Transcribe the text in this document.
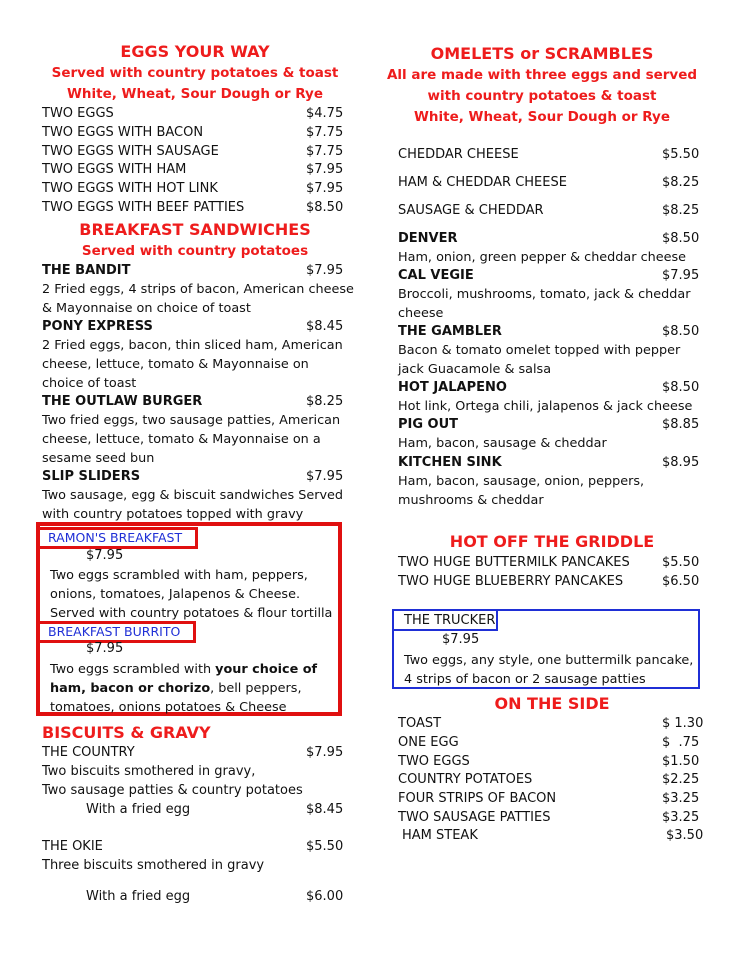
EGGS YOUR WAY
Served with country potatoes & toast
White, Wheat, Sour Dough or Rye
TWO EGGS	$4.75
TWO EGGS WITH BACON	$7.75
TWO EGGS WITH SAUSAGE	$7.75
TWO EGGS WITH HAM	$7.95
TWO EGGS WITH HOT LINK	$7.95
TWO EGGS WITH BEEF PATTIES	$8.50
BREAKFAST SANDWICHES
Served with country potatoes
THE BANDIT	$7.95
2 Fried eggs, 4 strips of bacon, American cheese & Mayonnaise on choice of toast
PONY EXPRESS	$8.45
2 Fried eggs, bacon, thin sliced ham, American cheese, lettuce, tomato & Mayonnaise on choice of toast
THE OUTLAW BURGER	$8.25
Two fried eggs, two sausage patties, American cheese, lettuce, tomato & Mayonnaise on a sesame seed bun
SLIP SLIDERS	$7.95
Two sausage, egg & biscuit sandwiches Served with country potatoes topped with gravy
RAMON'S BREAKFAST
$7.95
Two eggs scrambled with ham, peppers, onions, tomatoes, Jalapenos & Cheese. Served with country potatoes & flour tortilla
BREAKFAST BURRITO
$7.95
Two eggs scrambled with your choice of ham, bacon or chorizo, bell peppers, tomatoes, onions potatoes & Cheese
BISCUITS & GRAVY
THE COUNTRY	$7.95
Two biscuits smothered in gravy,
Two sausage patties & country potatoes
With a fried egg	$8.45
THE OKIE	$5.50
Three biscuits smothered in gravy
With a fried egg	$6.00
OMELETS or SCRAMBLES
All are made with three eggs and served
with country potatoes & toast
White, Wheat, Sour Dough or Rye
CHEDDAR CHEESE	$5.50
HAM & CHEDDAR CHEESE	$8.25
SAUSAGE & CHEDDAR	$8.25
DENVER	$8.50
Ham, onion, green pepper & cheddar cheese
CAL VEGIE	$7.95
Broccoli, mushrooms, tomato, jack & cheddar cheese
THE GAMBLER	$8.50
Bacon & tomato omelet topped with pepper jack Guacamole & salsa
HOT JALAPENO	$8.50
Hot link, Ortega chili, jalapenos & jack cheese
PIG OUT	$8.85
Ham, bacon, sausage & cheddar
KITCHEN SINK	$8.95
Ham, bacon, sausage, onion, peppers, mushrooms & cheddar
HOT OFF THE GRIDDLE
TWO HUGE BUTTERMILK PANCAKES $5.50
TWO HUGE BLUEBERRY PANCAKES	$6.50
THE TRUCKER
$7.95
Two eggs, any style, one buttermilk pancake, 4 strips of bacon or 2 sausage patties
ON THE SIDE
TOAST	$ 1.30
ONE EGG	$  .75
TWO EGGS	$1.50
COUNTRY POTATOES	$2.25
FOUR STRIPS OF BACON	$3.25
TWO SAUSAGE PATTIES	$3.25
HAM STEAK	$3.50
